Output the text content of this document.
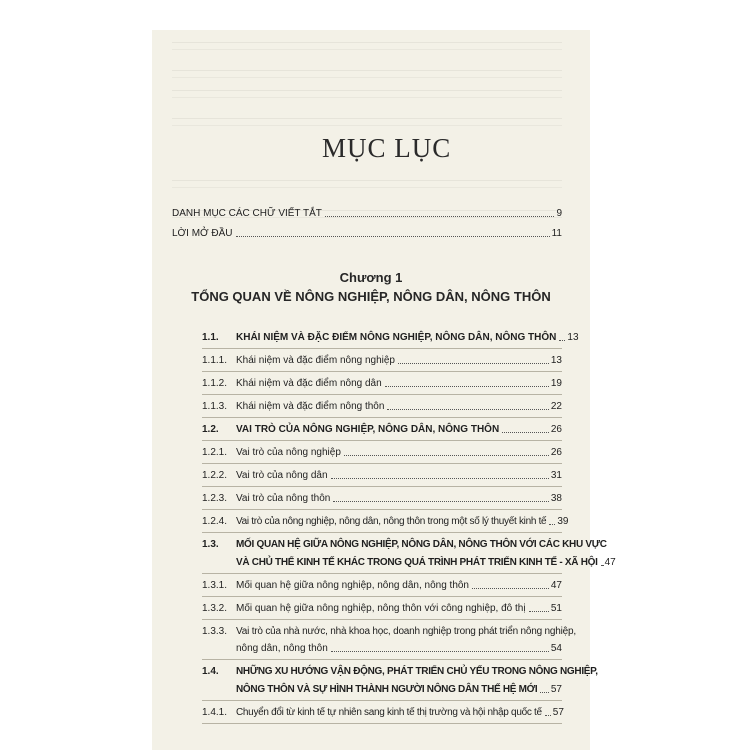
MỤC LỤC
DANH MỤC CÁC CHỮ VIẾT TẮT	9
LỜI MỞ ĐẦU	11
Chương 1
TỔNG QUAN VỀ NÔNG NGHIỆP, NÔNG DÂN, NÔNG THÔN
1.1.	KHÁI NIỆM VÀ ĐẶC ĐIỂM NÔNG NGHIỆP, NÔNG DÂN, NÔNG THÔN 13
1.1.1. Khái niệm và đặc điểm nông nghiệp	13
1.1.2. Khái niệm và đặc điểm nông dân	19
1.1.3. Khái niệm và đặc điểm nông thôn	22
1.2.	VAI TRÒ CỦA NÔNG NGHIỆP, NÔNG DÂN, NÔNG THÔN	26
1.2.1. Vai trò của nông nghiệp	26
1.2.2. Vai trò của nông dân	31
1.2.3. Vai trò của nông thôn	38
1.2.4. Vai trò của nông nghiệp, nông dân, nông thôn trong một số lý thuyết kinh tế 39
1.3.	MỐI QUAN HỆ GIỮA NÔNG NGHIỆP, NÔNG DÂN, NÔNG THÔN VỚI CÁC KHU VỰC
VÀ CHỦ THỂ KINH TẾ KHÁC TRONG QUÁ TRÌNH PHÁT TRIỂN KINH TẾ - XÃ HỘI 47
1.3.1. Mối quan hệ giữa nông nghiệp, nông dân, nông thôn	47
1.3.2. Mối quan hệ giữa nông nghiệp, nông thôn với công nghiệp, đô thị	51
1.3.3. Vai trò của nhà nước, nhà khoa học, doanh nghiệp trong phát triển nông nghiệp,
nông dân, nông thôn	54
1.4.	NHỮNG XU HƯỚNG VẬN ĐỘNG, PHÁT TRIỂN CHỦ YẾU TRONG NÔNG NGHIỆP,
NÔNG THÔN VÀ SỰ HÌNH THÀNH NGƯỜI NÔNG DÂN THẾ HỆ MỚI 57
1.4.1. Chuyển đổi từ kinh tế tự nhiên sang kinh tế thị trường và hội nhập quốc tế 57
